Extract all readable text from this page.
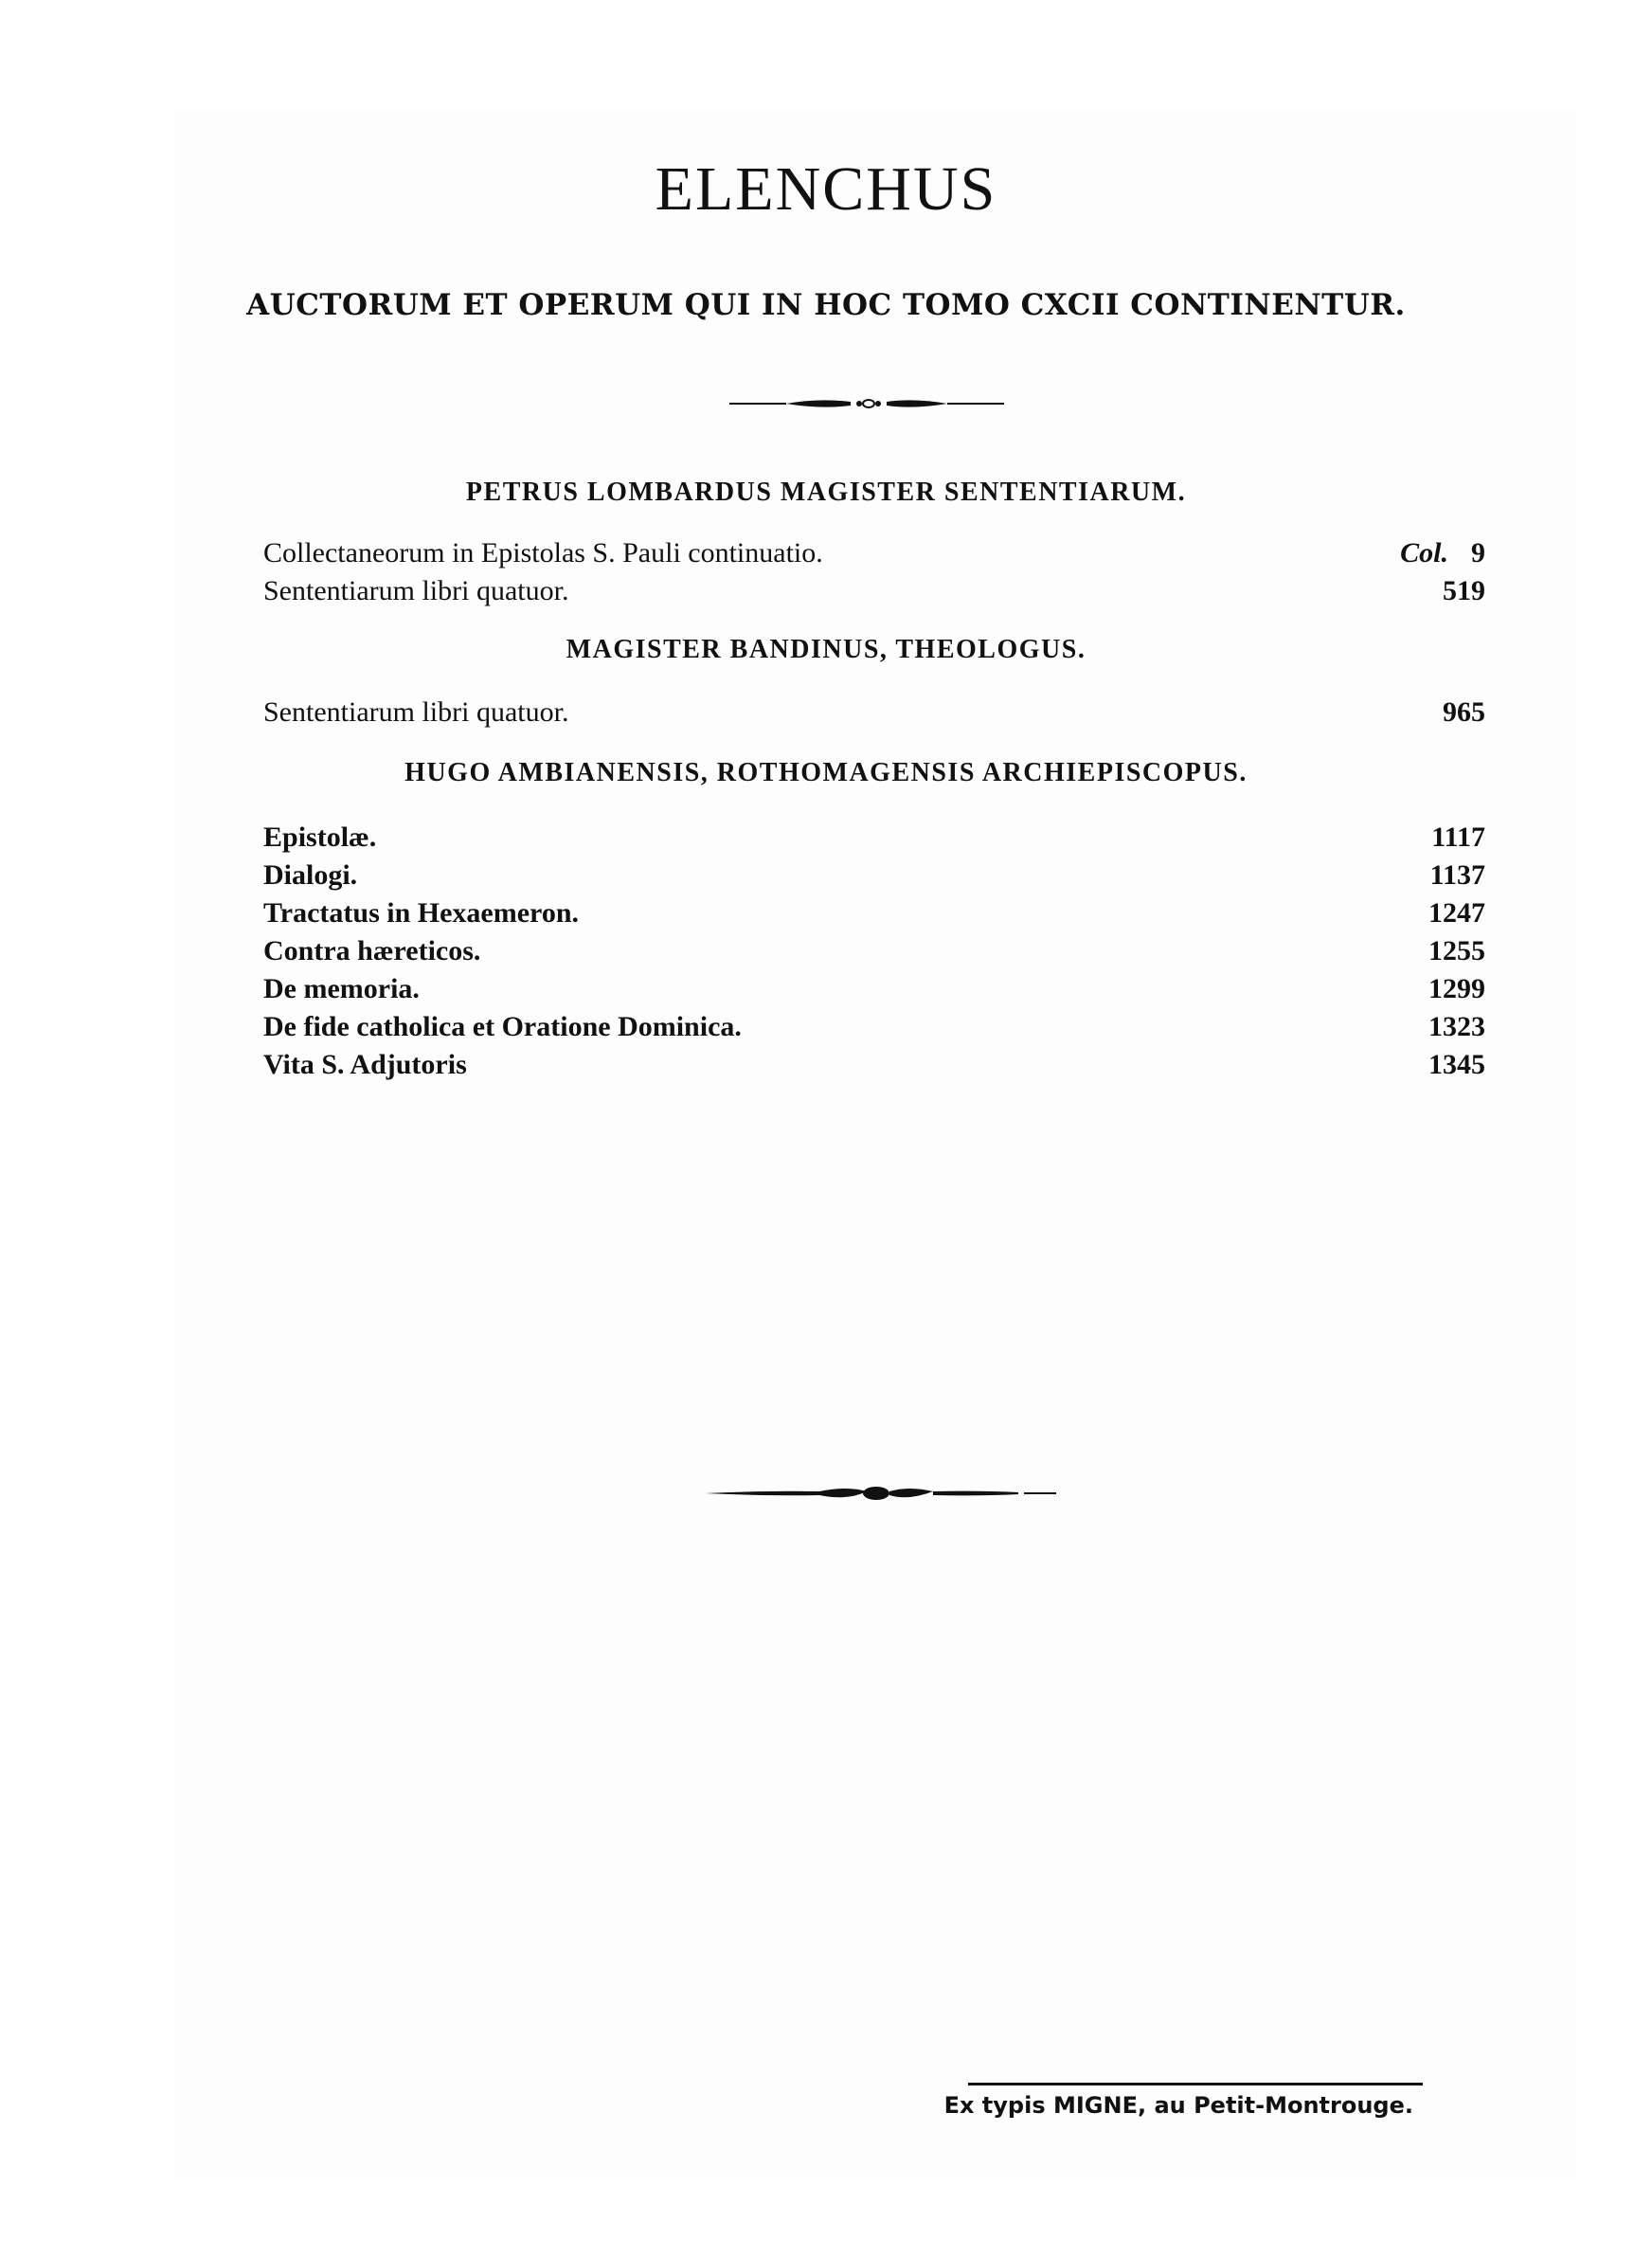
ELENCHUS
AUCTORUM ET OPERUM QUI IN HOC TOMO CXCII CONTINENTUR.
PETRUS LOMBARDUS MAGISTER SENTENTIARUM.
Collectaneorum in Epistolas S. Pauli continuatio.	Col. 9
Sententiarum libri quatuor.	519
MAGISTER BANDINUS, THEOLOGUS.
Sententiarum libri quatuor.	965
HUGO AMBIANENSIS, ROTHOMAGENSIS ARCHIEPISCOPUS.
Epistolæ.	1117
Dialogi.	1137
Tractatus in Hexaemeron.	1247
Contra hæreticos.	1255
De memoria.	1299
De fide catholica et Oratione Dominica.	1323
Vita S. Adjutoris	1345
Ex typis MIGNE, au Petit-Montrouge.
